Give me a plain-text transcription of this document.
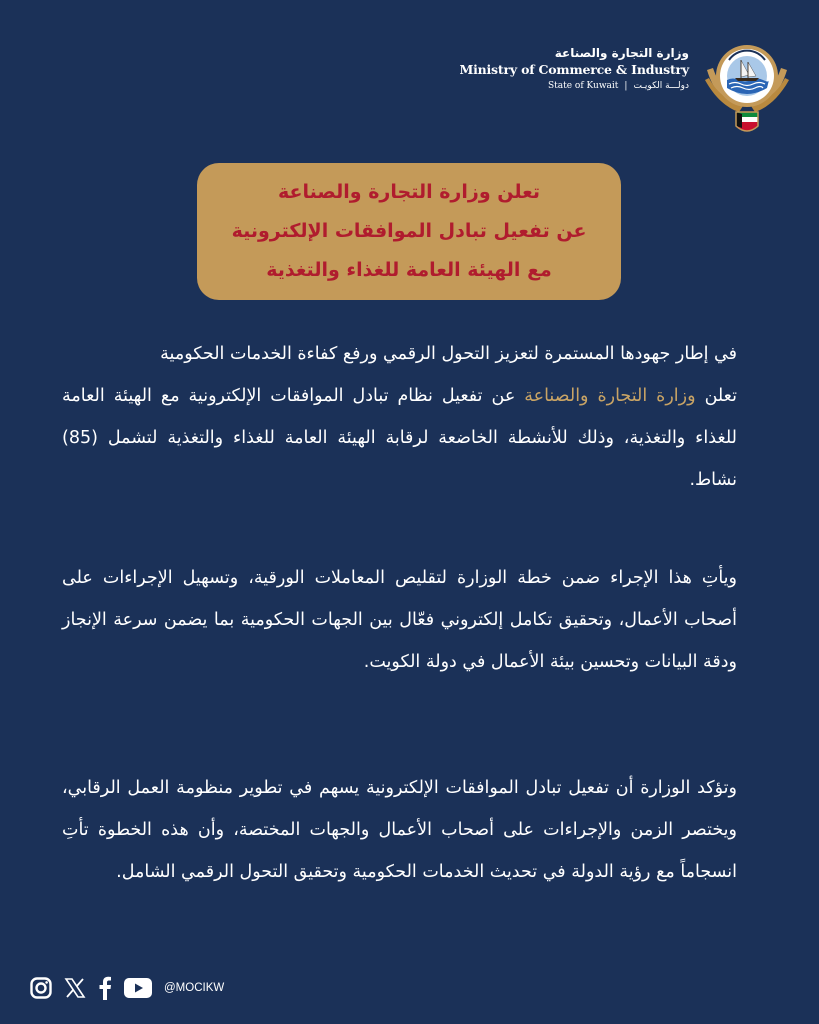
وزارة التجارة والصناعة
Ministry of Commerce & Industry
State of Kuwait | دولـــة الكويـت
تعلن وزارة التجارة والصناعة
عن تفعيل تبادل الموافقات الإلكترونية
مع الهيئة العامة للغذاء والتغذية
في إطار جهودها المستمرة لتعزيز التحول الرقمي ورفع كفاءة الخدمات الحكومية
تعلن وزارة التجارة والصناعة عن تفعيل نظام تبادل الموافقات الإلكترونية مع الهيئة العامة للغذاء والتغذية، وذلك للأنشطة الخاضعة لرقابة الهيئة العامة للغذاء والتغذية لتشمل (85) نشاط.
ويأتِ هذا الإجراء ضمن خطة الوزارة لتقليص المعاملات الورقية، وتسهيل الإجراءات على أصحاب الأعمال، وتحقيق تكامل إلكتروني فعّال بين الجهات الحكومية بما يضمن سرعة الإنجاز ودقة البيانات وتحسين بيئة الأعمال في دولة الكويت.
وتؤكد الوزارة أن تفعيل تبادل الموافقات الإلكترونية يسهم في تطوير منظومة العمل الرقابي، ويختصر الزمن والإجراءات على أصحاب الأعمال والجهات المختصة، وأن هذه الخطوة تأتِ انسجاماً مع رؤية الدولة في تحديث الخدمات الحكومية وتحقيق التحول الرقمي الشامل.
@MOCIKW
